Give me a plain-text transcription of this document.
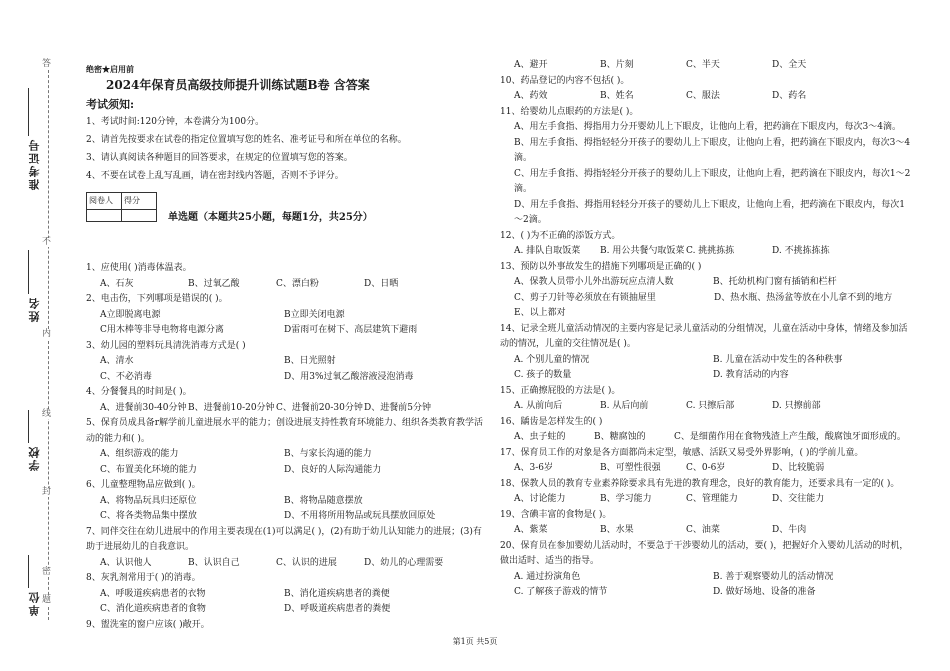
准考证号
姓名
学校
单位
答
不
内
线
封
密
题
绝密★启用前
2024年保育员高级技师提升训练试题B卷 含答案
考试须知:
1、考试时间:120分钟，本卷满分为100分。
2、请首先按要求在试卷的指定位置填写您的姓名、准考证号和所在单位的名称。
3、请认真阅读各种题目的回答要求，在规定的位置填写您的答案。
4、不要在试卷上乱写乱画，请在密封线内答题，否则不予评分。
阅卷人	得分

单选题（本题共25小题，每题1分，共25分）
1、应使用( )消毒体温表。
A、石灰	B、过氧乙酸	C、漂白粉	D、日晒
2、电击伤，下列哪项是错误的( )。
A立即脱离电源	B立即关闭电源
C用木棒等非导电物将电源分离	D雷雨可在树下、高层建筑下避雨
3、幼儿园的塑料玩具清洗消毒方式是( )
A、清水	B、日光照射
C、不必消毒	D、用3%过氧乙酸溶液浸泡消毒
4、分餐餐具的时间是( )。
A、进餐前30-40分钟 B、进餐前10-20分钟 C、进餐前20-30分钟 D、进餐前5分钟
5、保育员成具备r解学前儿童进展水平的能力；创设进展支持性教育环境能力、组织各类教育教学活动的能力和( )。
A、组织游戏的能力	B、与家长沟通的能力
C、布置美化环境的能力	D、良好的人际沟通能力
6、儿童整理物品应做到( )。
A、将物品玩具归还原位	B、将物品随意摆放
C、将各类物品集中摆放	D、不用将所用物品或玩具摆放回原处
7、同伴交往在幼儿进展中的作用主要表现在(1)可以满足( )，(2)有助于幼儿认知能力的进展；(3)有助于进展幼儿的自我意识。
A、认识他人	B、认识自己	C、认识的进展	D、幼儿的心理需要
8、灰乳剂常用于( )的消毒。
A、呼吸道疾病患者的衣物	B、消化道疾病患者的粪便
C、消化道疾病患者的食物	D、呼吸道疾病患者的粪便
9、盥洗室的窗户应该( )敞开。
A、避开	B、片刻	C、半天	D、全天
10、药品登记的内容不包括( )。
A、药效	B、姓名	C、服法	D、药名
11、给婴幼儿点眼药的方法是( )。
A、用左手食指、拇指用力分开婴幼儿上下眼皮，让他向上看，把药滴在下眼皮内，每次3～4滴。
B、用左手食指、拇指轻轻分开孩子的婴幼儿上下眼皮，让他向上看，把药滴在下眼皮内，每次3～4滴。
C、用左手食指、拇指轻轻分开孩子的婴幼儿上下眼皮，让他向上看，把药滴在下眼皮内，每次1～2滴。
D、用左手食指、拇指用轻轻分开孩子的婴幼儿上下眼皮，让他向上看，把药滴在下眼皮内，每次1～2滴。
12、( )为不正确的添饭方式。
A. 排队自取饭菜	B. 用公共餐勺取饭菜 C. 挑挑拣拣	D. 不挑拣拣拣
13、预防以外事故发生的措施下列哪项是正确的( )
A、保教人员带小儿外出游玩应点清人数	B、托幼机构门窗有插销和栏杆
C、剪子刀针等必须放在有锁抽屉里	D、热水瓶、热汤盆等放在小儿拿不到的地方
E、以上都对
14、记录全班儿童活动情况的主要内容是记录儿童活动的分组情况，儿童在活动中身体，情绪及参加活动的情况，儿童的交往情况是( )。
A. 个别儿童的情况	B. 儿童在活动中发生的各种秩事
C. 孩子的数量	D. 教育活动的内容
15、正确擦屁股的方法是( )。
A. 从前向后	B. 从后向前	C. 只擦后部	D. 只擦前部
16、龋齿是怎样发生的( )
A、虫子蛀的	B、糖腐蚀的	C、是细菌作用在食物残渣上产生酸，酸腐蚀牙面形成的。
17、保育员工作的对象是各方面都尚未定型，敏感、活跃又易受外界影响，( )的学前儿童。
A、3-6岁	B、可塑性很强	C、0-6岁	D、比较脆弱
18、保教人员的教育专业素养除要求具有先进的教育理念，良好的教育能力，还要求具有一定的( )。
A、讨论能力	B、学习能力	C、管理能力	D、交往能力
19、含碘丰富的食物是( )。
A、紫菜	B、水果	C、油菜	D、牛肉
20、保育员在参加婴幼儿活动时，不要急于干涉婴幼儿的活动，要( )，把握好介入婴幼儿活动的时机，做出适时、适当的指导。
A. 通过扮演角色	B. 善于观察婴幼儿的活动情况
C. 了解孩子游戏的情节	D. 做好场地、设备的准备
第1页 共5页
